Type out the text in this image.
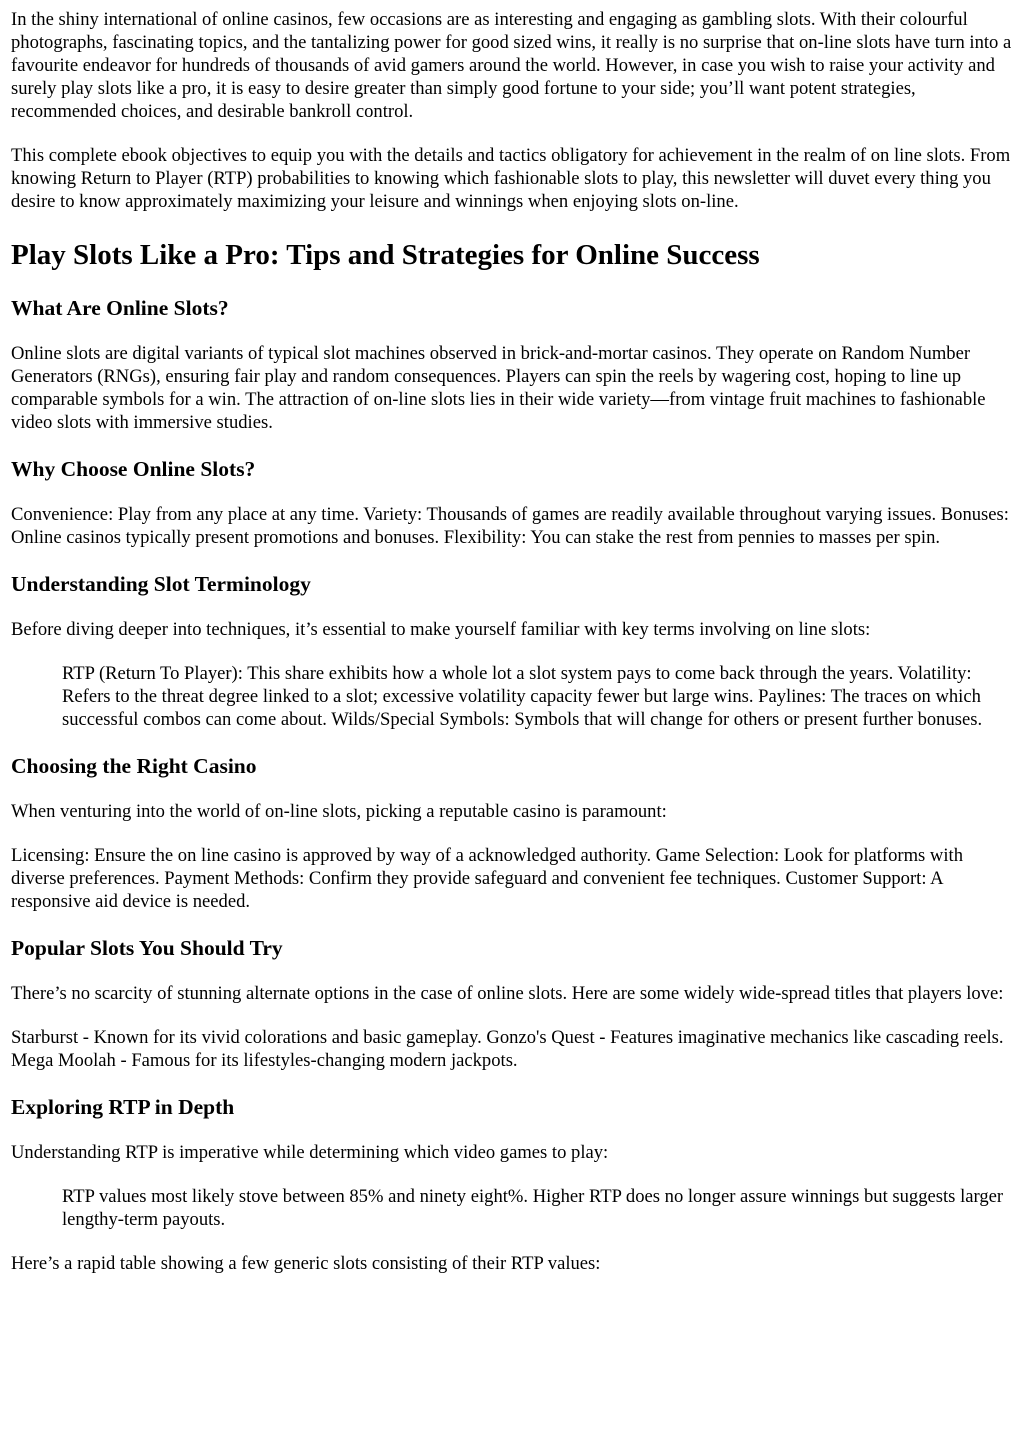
In the shiny international of online casinos, few occasions are as interesting and engaging as gambling slots. With their colourful photographs, fascinating topics, and the tantalizing power for good sized wins, it really is no surprise that on-line slots have turn into a favourite endeavor for hundreds of thousands of avid gamers around the world. However, in case you wish to raise your activity and surely play slots like a pro, it is easy to desire greater than simply good fortune to your side; you’ll want potent strategies, recommended choices, and desirable bankroll control.

This complete ebook objectives to equip you with the details and tactics obligatory for achievement in the realm of on line slots. From knowing Return to Player (RTP) probabilities to knowing which fashionable slots to play, this newsletter will duvet every thing you desire to know approximately maximizing your leisure and winnings when enjoying slots on-line.

Play Slots Like a Pro: Tips and Strategies for Online Success
What Are Online Slots?

Online slots are digital variants of typical slot machines observed in brick-and-mortar casinos. They operate on Random Number Generators (RNGs), ensuring fair play and random consequences. Players can spin the reels by wagering cost, hoping to line up comparable symbols for a win. The attraction of on-line slots lies in their wide variety—from vintage fruit machines to fashionable video slots with immersive studies.

Why Choose Online Slots?

Convenience: Play from any place at any time. Variety: Thousands of games are readily available throughout varying issues. Bonuses: Online casinos typically present promotions and bonuses. Flexibility: You can stake the rest from pennies to masses per spin.

Understanding Slot Terminology

Before diving deeper into techniques, it’s essential to make yourself familiar with key terms involving on line slots:

RTP (Return To Player): This share exhibits how a whole lot a slot system pays to come back through the years. Volatility: Refers to the threat degree linked to a slot; excessive volatility capacity fewer but large wins. Paylines: The traces on which successful combos can come about. Wilds/Special Symbols: Symbols that will change for others or present further bonuses.
Choosing the Right Casino

When venturing into the world of on-line slots, picking a reputable casino is paramount:

Licensing: Ensure the on line casino is approved by way of a acknowledged authority. Game Selection: Look for platforms with diverse preferences. Payment Methods: Confirm they provide safeguard and convenient fee techniques. Customer Support: A responsive aid device is needed.

Popular Slots You Should Try

There’s no scarcity of stunning alternate options in the case of online slots. Here are some widely wide-spread titles that players love:

Starburst - Known for its vivid colorations and basic gameplay. Gonzo's Quest - Features imaginative mechanics like cascading reels. Mega Moolah - Famous for its lifestyles-changing modern jackpots.

Exploring RTP in Depth

Understanding RTP is imperative while determining which video games to play:

RTP values most likely stove between 85% and ninety eight%. Higher RTP does no longer assure winnings but suggests larger lengthy-term payouts.

Here’s a rapid table showing a few generic slots consisting of their RTP values:
